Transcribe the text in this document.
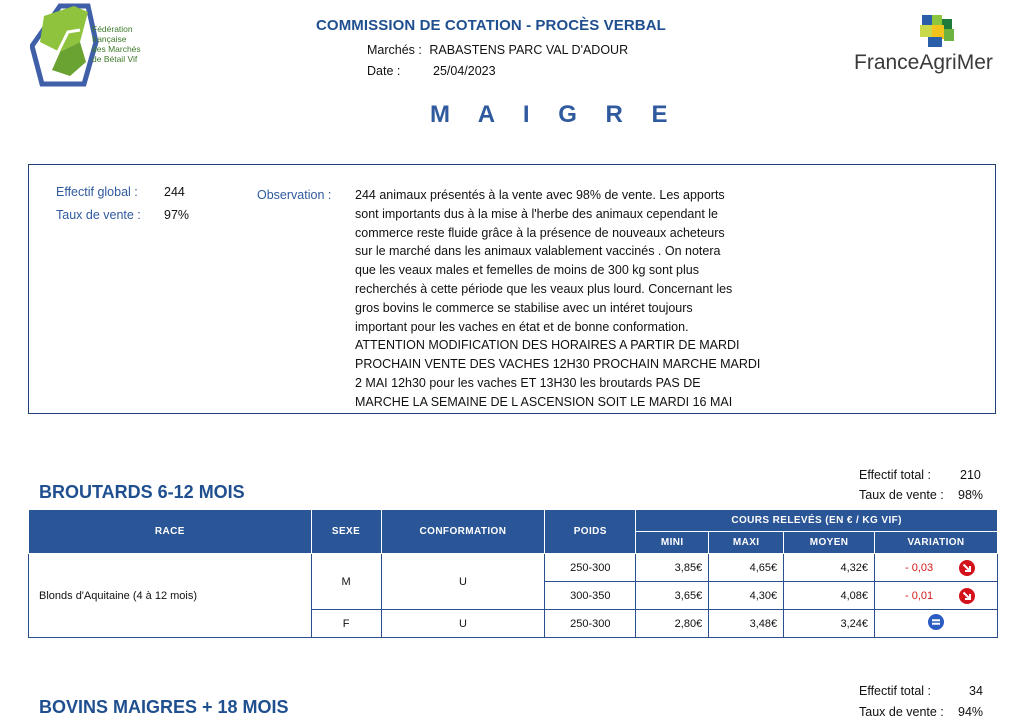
Fédération
française
des Marchés
de Bétail Vif
COMMISSION DE COTATION - PROCÈS VERBAL
Marchés : RABASTENS PARC VAL D'ADOUR
Date :	25/04/2023	FranceAgriMer
M A I G R E
Effectif global : 244
Taux de vente : 97%
Observation : 244 animaux présentés à la vente avec 98% de vente. Les apports
sont importants dus à la mise à l'herbe des animaux cependant le
commerce reste fluide grâce à la présence de nouveaux acheteurs
sur le marché dans les animaux valablement vaccinés . On notera
que les veaux males et femelles de moins de 300 kg sont plus
recherchés à cette période que les veaux plus lourd. Concernant les
gros bovins le commerce se stabilise avec un intéret toujours
important pour les vaches en état et de bonne conformation.
ATTENTION MODIFICATION DES HORAIRES A PARTIR DE MARDI
PROCHAIN VENTE DES VACHES 12H30 PROCHAIN MARCHE MARDI
2 MAI 12h30 pour les vaches ET 13H30 les broutards PAS DE
MARCHE LA SEMAINE DE L ASCENSION SOIT LE MARDI 16 MAI
BROUTARDS 6-12 MOIS
Effectif total : 210
Taux de vente : 98%
RACE	SEXE	CONFORMATION	POIDS	COURS RELEVÉS (EN € / KG VIF)			
				MINI	MAXI	MOYEN	VARIATION
Blonds d'Aquitaine (4 à 12 mois)	M	U	250-300	3,85€	4,65€	4,32€	- 0,03

			300-350	3,65€	4,30€	4,08€	- 0,01

	F	U	250-300	2,80€	3,48€	3,24€	
BOVINS MAIGRES + 18 MOIS
Effectif total :	34
Taux de vente : 94%
